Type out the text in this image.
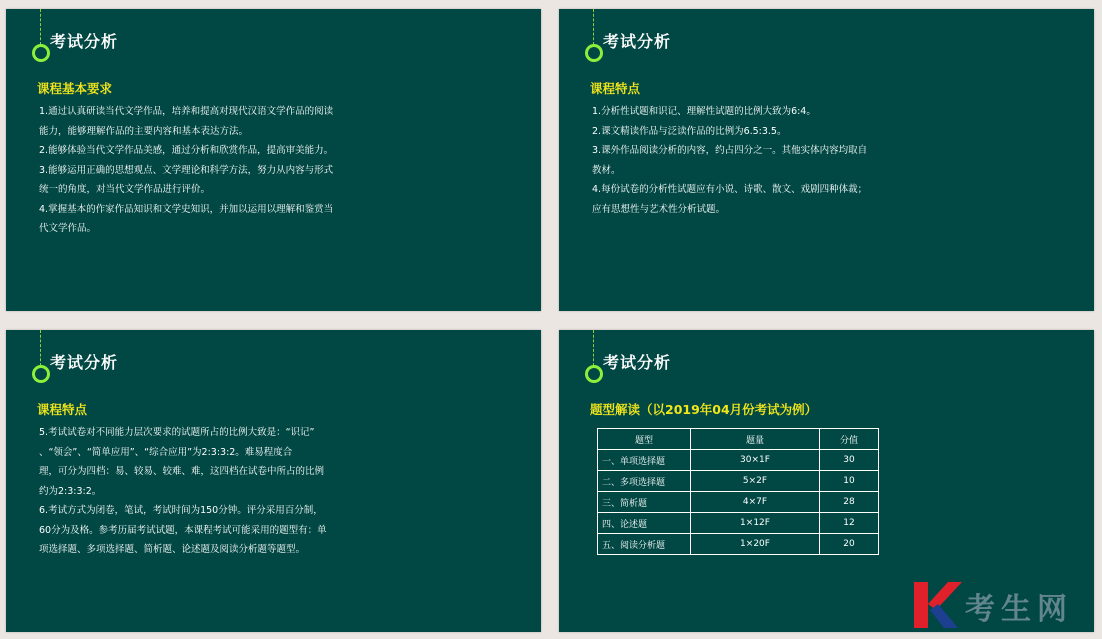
考试分析
课程基本要求
1.通过认真研读当代文学作品，培养和提高对现代汉语文学作品的阅读
能力，能够理解作品的主要内容和基本表达方法。
2.能够体验当代文学作品美感，通过分析和欣赏作品，提高审美能力。
3.能够运用正确的思想观点、文学理论和科学方法，努力从内容与形式
统一的角度，对当代文学作品进行评价。
4.掌握基本的作家作品知识和文学史知识，并加以运用以理解和鉴赏当
代文学作品。
考试分析
课程特点
1.分析性试题和识记、理解性试题的比例大致为6:4。
2.课文精读作品与泛读作品的比例为6.5:3.5。
3.课外作品阅读分析的内容，约占四分之一。其他实体内容均取自
教材。
4.每份试卷的分析性试题应有小说、诗歌、散文、戏剧四种体裁；
应有思想性与艺术性分析试题。
考试分析
课程特点
5.考试试卷对不同能力层次要求的试题所占的比例大致是：“识记”
、“领会”、“简单应用”、“综合应用”为2:3:3:2。难易程度合
理，可分为四档：易、较易、较难、难，这四档在试卷中所占的比例
约为2:3:3:2。
6.考试方式为闭卷，笔试，考试时间为150分钟。评分采用百分制，
60分为及格。参考历届考试试题，本课程考试可能采用的题型有：单
项选择题、多项选择题、简析题、论述题及阅读分析题等题型。
考试分析
题型解读（以2019年04月份考试为例）
题型	题量	分值
一、单项选择题	30×1F	30
二、多项选择题	5×2F	10
三、简析题	4×7F	28
四、论述题	1×12F	12
五、阅读分析题	1×20F	20
考生网
